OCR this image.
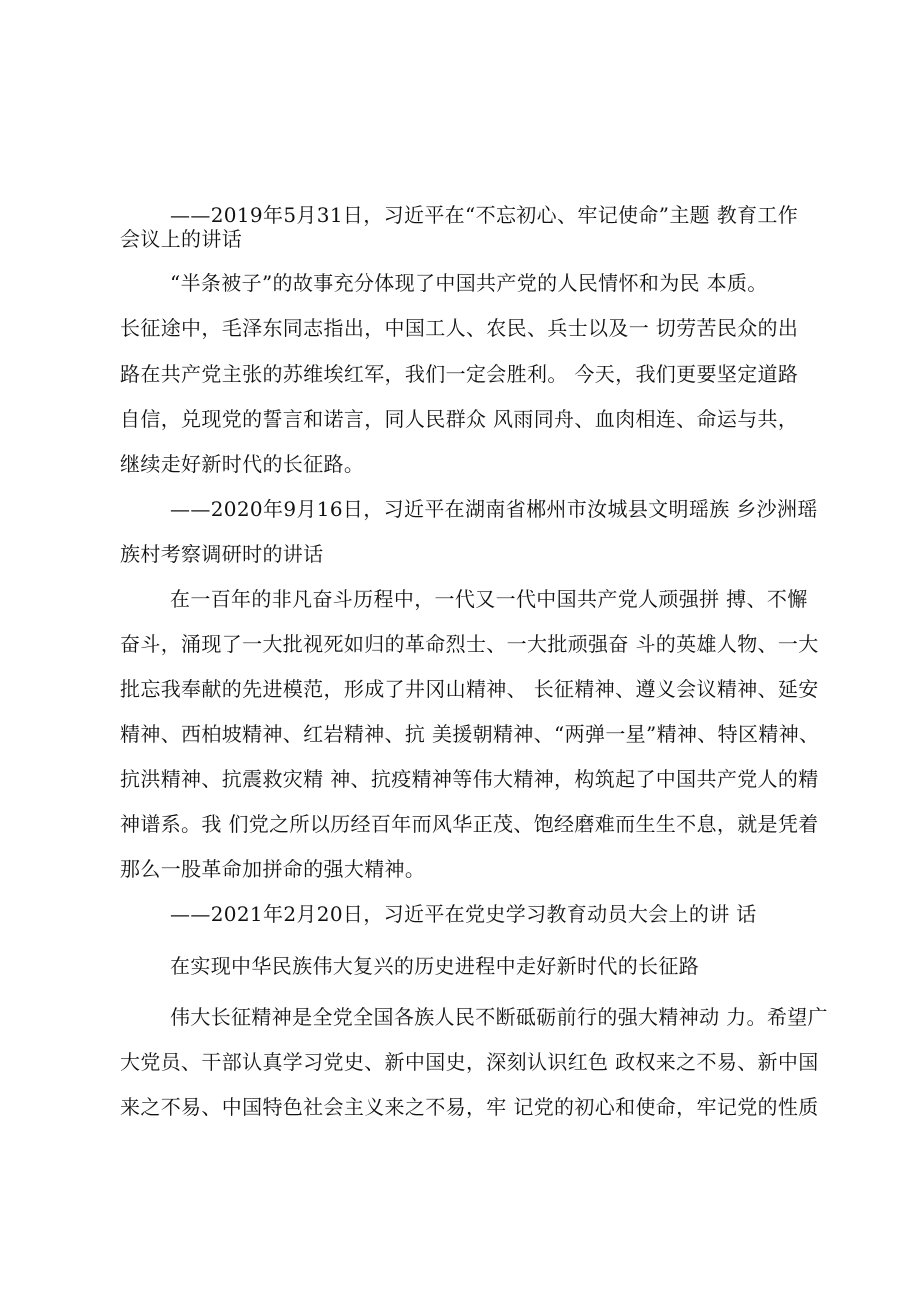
——2019年5月31日，习近平在“不忘初心、牢记使命”主题 教育工作

会议上的讲话

“半条被子”的故事充分体现了中国共产党的人民情怀和为民 本质。

长征途中，毛泽东同志指出，中国工人、农民、兵士以及一 切劳苦民众的出

路在共产党主张的苏维埃红军，我们一定会胜利。 今天，我们更要坚定道路

自信，兑现党的誓言和诺言，同人民群众 风雨同舟、血肉相连、命运与共，

继续走好新时代的长征路。

——2020年9月16日，习近平在湖南省郴州市汝城县文明瑶族 乡沙洲瑶

族村考察调研时的讲话

在一百年的非凡奋斗历程中，一代又一代中国共产党人顽强拼 搏、不懈

奋斗，涌现了一大批视死如归的革命烈士、一大批顽强奋 斗的英雄人物、一大

批忘我奉献的先进模范，形成了井冈山精神、 长征精神、遵义会议精神、延安

精神、西柏坡精神、红岩精神、抗 美援朝精神、“两弹一星”精神、特区精神、

抗洪精神、抗震救灾精 神、抗疫精神等伟大精神，构筑起了中国共产党人的精

神谱系。我 们党之所以历经百年而风华正茂、饱经磨难而生生不息，就是凭着

那么一股革命加拼命的强大精神。

——2021年2月20日，习近平在党史学习教育动员大会上的讲 话

在实现中华民族伟大复兴的历史进程中走好新时代的长征路

伟大长征精神是全党全国各族人民不断砥砺前行的强大精神动 力。希望广

大党员、干部认真学习党史、新中国史，深刻认识红色 政权来之不易、新中国

来之不易、中国特色社会主义来之不易，牢 记党的初心和使命，牢记党的性质
